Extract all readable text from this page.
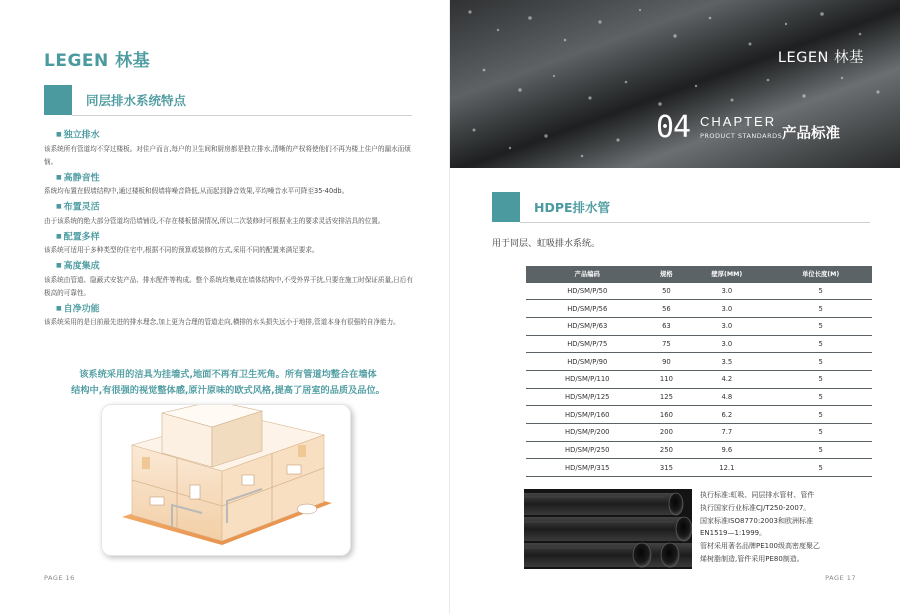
LEGEN 林基
同层排水系统特点
■ 独立排水
该系统所有管道均不穿过楼板。对住户而言,每户的卫生间和厨房都是独立排水,清晰的产权将使他们不再为楼上住户的漏水而烦恼。
■ 高静音性
系统均布置在假墙结构中,通过楼板和假墙将噪音降低,从而起到静音效果,平均噪音水平可降至35-40db。
■ 布置灵活
由于该系统的绝大部分管道均沿墙铺设,不存在楼板留洞情况,所以二次装修时可根据业主的要求灵活安排洁具的位置。
■ 配置多样
该系统可适用于多种类型的住宅中,根据不同的预算或装修的方式,采用不同的配置来满足要求。
■ 高度集成
该系统由管道、隐蔽式安装产品、排水配件等构成。整个系统均集成在墙体结构中,不受外界干扰,只要在施工时保证质量,日后有极高的可靠性。
■ 自净功能
该系统采用的是目前最先进的排水理念,加上更为合理的管道走向,横排的水头损失远小于地排,管道本身有很强的自净能力。
该系统采用的洁具为挂墙式,地面不再有卫生死角。所有管道均整合在墙体
结构中,有很强的视觉整体感,原汁原味的欧式风格,提高了居室的品质及品位。
PAGE 16
LEGEN 林基
04 CHAPTER
PRODUCT STANDARDS 产品标准
HDPE排水管
用于同层、虹吸排水系统。
产品编码	规格	壁厚(MM)	单位长度(M)
HD/SM/P/50	50	3.0	5
HD/SM/P/56	56	3.0	5
HD/SM/P/63	63	3.0	5
HD/SM/P/75	75	3.0	5
HD/SM/P/90	90	3.5	5
HD/SM/P/110	110	4.2	5
HD/SM/P/125	125	4.8	5
HD/SM/P/160	160	6.2	5
HD/SM/P/200	200	7.7	5
HD/SM/P/250	250	9.6	5
HD/SM/P/315	315	12.1	5
执行标准:虹吸、同层排水管材、管件
执行国家行业标准CJ/T250-2007。
国家标准ISO8770:2003和欧洲标准
EN1519—1:1999。
管材采用著名品牌PE100级高密度聚乙
烯树脂制造,管件采用PE80制造。
PAGE 17
